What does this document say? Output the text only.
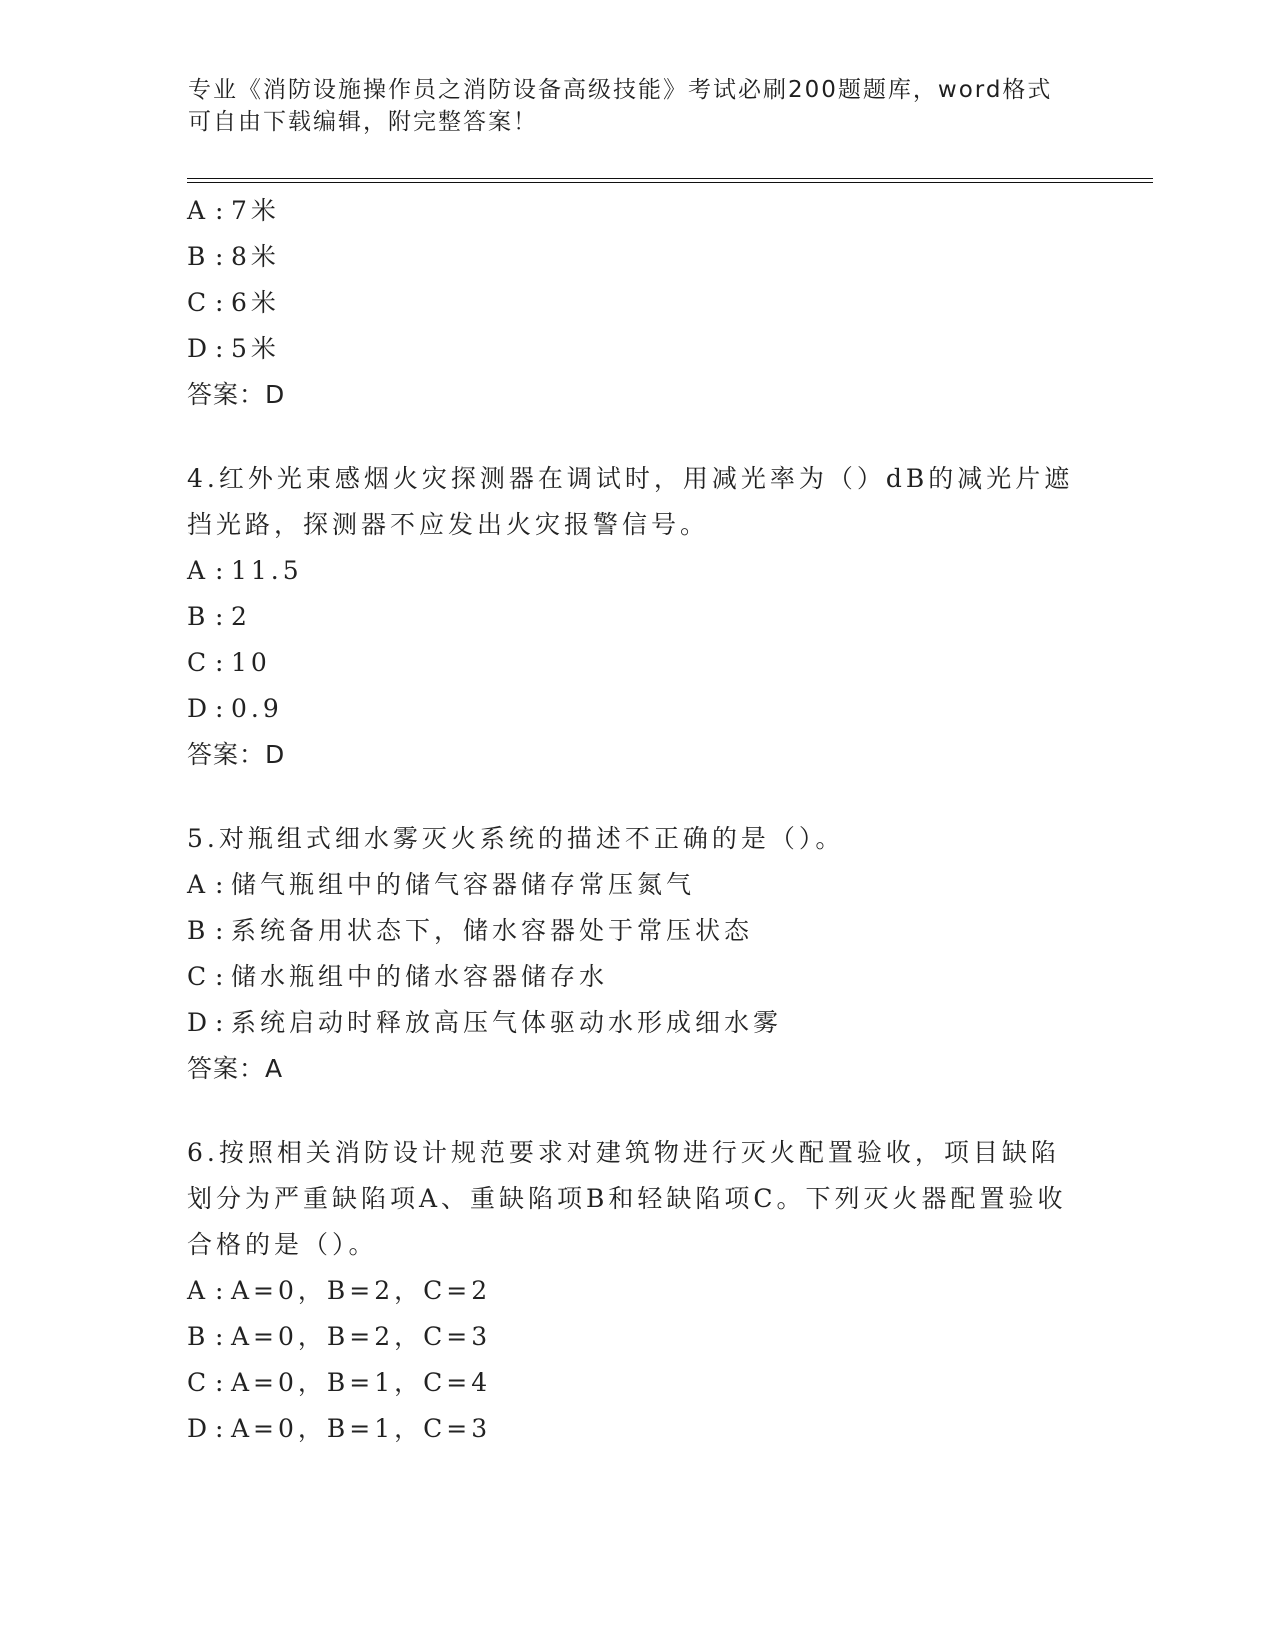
专业《消防设施操作员之消防设备高级技能》考试必刷200题题库，word格式可自由下载编辑，附完整答案！
A : 7米
B : 8米
C : 6米
D : 5米
答案：D
4.红外光束感烟火灾探测器在调试时，用减光率为（）dB的减光片遮挡光路，探测器不应发出火灾报警信号。
A : 11.5
B : 2
C : 10
D : 0.9
答案：D
5.对瓶组式细水雾灭火系统的描述不正确的是（）。
A : 储气瓶组中的储气容器储存常压氮气
B : 系统备用状态下，储水容器处于常压状态
C : 储水瓶组中的储水容器储存水
D : 系统启动时释放高压气体驱动水形成细水雾
答案：A
6.按照相关消防设计规范要求对建筑物进行灭火配置验收，项目缺陷划分为严重缺陷项A、重缺陷项B和轻缺陷项C。下列灭火器配置验收合格的是（）。
A : A=0，B=2，C=2
B : A=0，B=2，C=3
C : A=0，B=1，C=4
D : A=0，B=1，C=3
